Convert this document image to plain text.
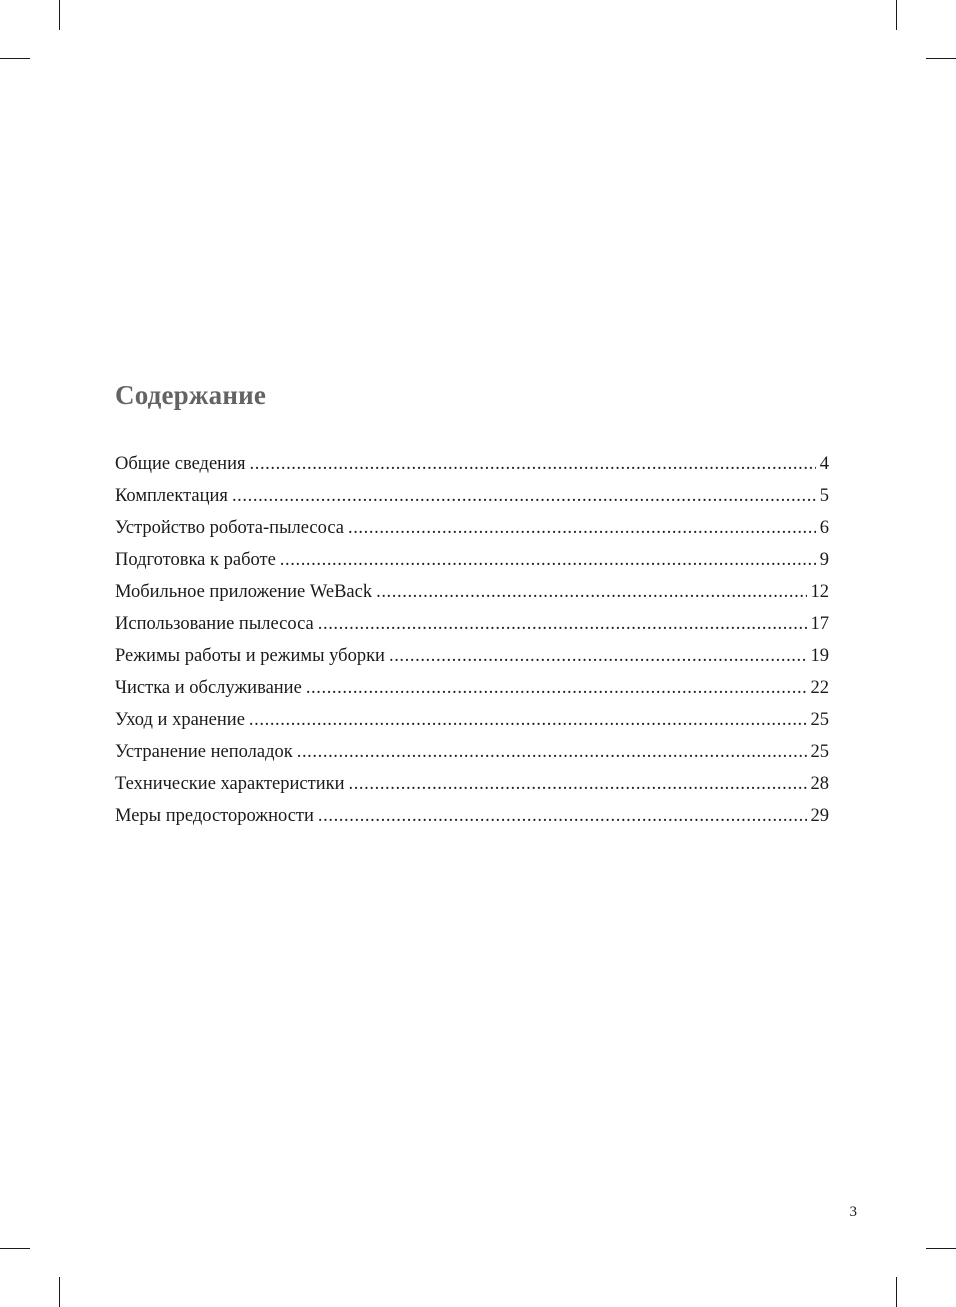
Содержание
Общие сведения .....	4
Комплектация .....	5
Устройство робота-пылесоса .....	6
Подготовка к работе .....	9
Мобильное приложение WeBack .....	12
Использование пылесоса .....	17
Режимы работы и режимы уборки .....	19
Чистка и обслуживание .....	22
Уход и хранение .....	25
Устранение неполадок .....	25
Технические характеристики .....	28
Меры предосторожности .....	29
3
